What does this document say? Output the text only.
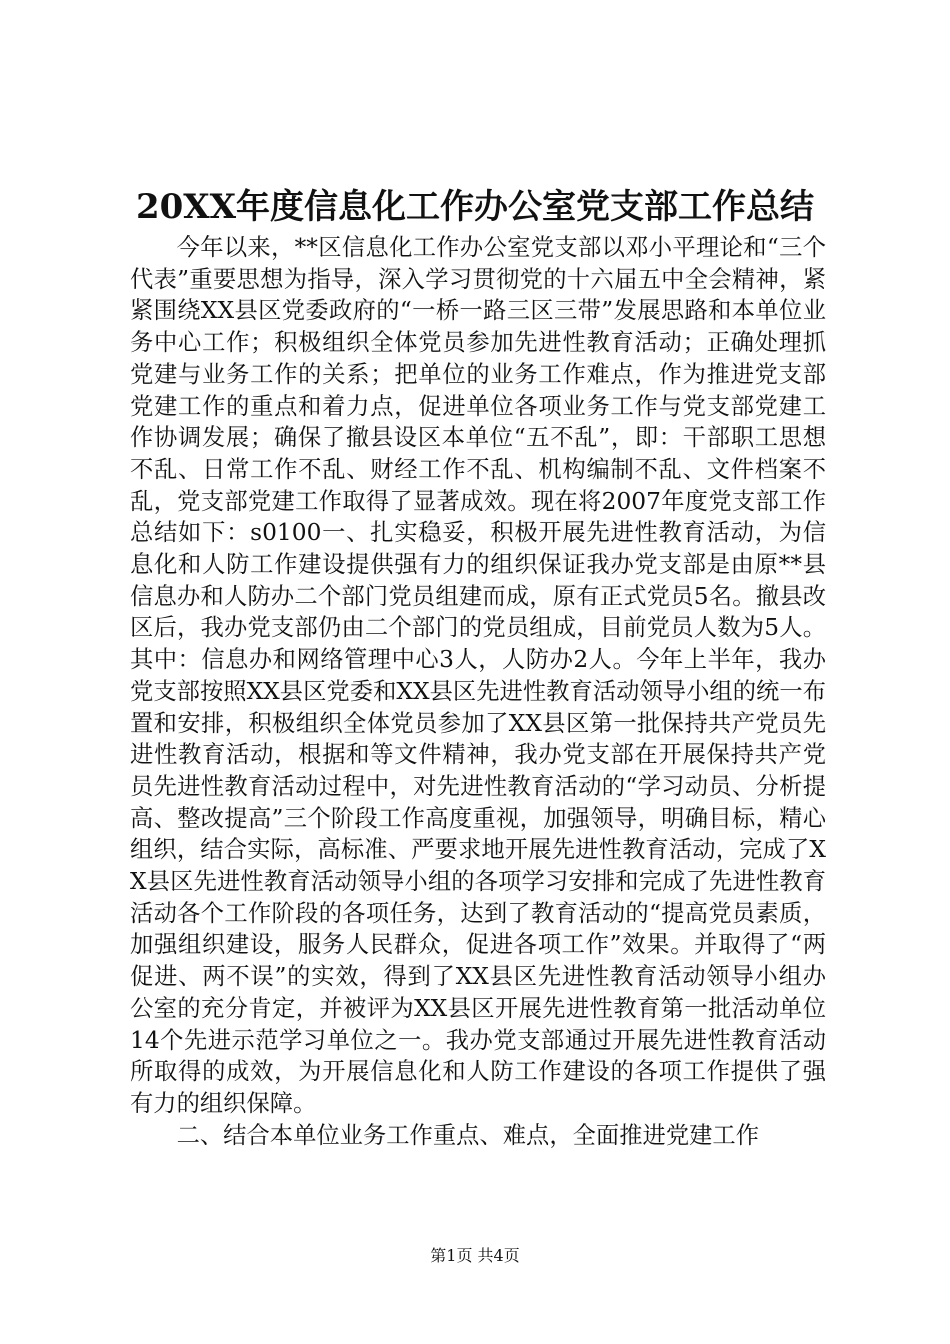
20XX年度信息化工作办公室党支部工作总结

今年以来，**区信息化工作办公室党支部以邓小平理论和“三个代表”重要思想为指导，深入学习贯彻党的十六届五中全会精神，紧紧围绕XX县区党委政府的“一桥一路三区三带”发展思路和本单位业务中心工作；积极组织全体党员参加先进性教育活动；正确处理抓党建与业务工作的关系；把单位的业务工作难点，作为推进党支部党建工作的重点和着力点，促进单位各项业务工作与党支部党建工作协调发展；确保了撤县设区本单位“五不乱”，即：干部职工思想不乱、日常工作不乱、财经工作不乱、机构编制不乱、文件档案不乱，党支部党建工作取得了显著成效。现在将2007年度党支部工作总结如下：s0100一、扎实稳妥，积极开展先进性教育活动，为信息化和人防工作建设提供强有力的组织保证我办党支部是由原**县信息办和人防办二个部门党员组建而成，原有正式党员5名。撤县改区后，我办党支部仍由二个部门的党员组成，目前党员人数为5人。其中：信息办和网络管理中心3人，人防办2人。今年上半年，我办党支部按照XX县区党委和XX县区先进性教育活动领导小组的统一布置和安排，积极组织全体党员参加了XX县区第一批保持共产党员先进性教育活动，根据和等文件精神，我办党支部在开展保持共产党员先进性教育活动过程中，对先进性教育活动的“学习动员、分析提高、整改提高”三个阶段工作高度重视，加强领导，明确目标，精心组织，结合实际，高标准、严要求地开展先进性教育活动，完成了XX县区先进性教育活动领导小组的各项学习安排和完成了先进性教育活动各个工作阶段的各项任务，达到了教育活动的“提高党员素质，加强组织建设，服务人民群众，促进各项工作”效果。并取得了“两促进、两不误”的实效，得到了XX县区先进性教育活动领导小组办公室的充分肯定，并被评为XX县区开展先进性教育第一批活动单位14个先进示范学习单位之一。我办党支部通过开展先进性教育活动所取得的成效，为开展信息化和人防工作建设的各项工作提供了强有力的组织保障。

二、结合本单位业务工作重点、难点，全面推进党建工作

第1页 共4页
